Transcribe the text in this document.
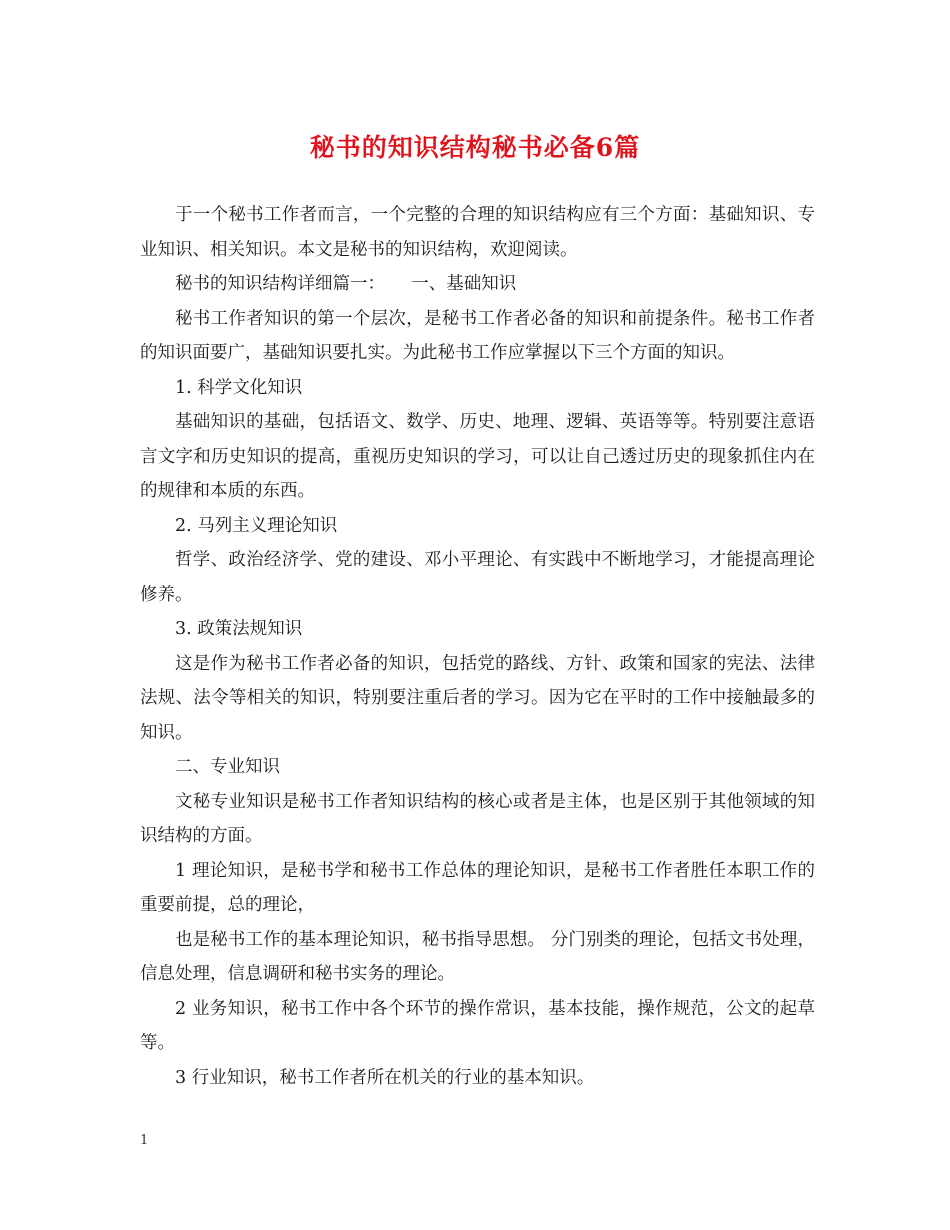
秘书的知识结构秘书必备6篇

于一个秘书工作者而言，一个完整的合理的知识结构应有三个方面：基础知识、专业知识、相关知识。本文是秘书的知识结构，欢迎阅读。

秘书的知识结构详细篇一：　　一、基础知识

秘书工作者知识的第一个层次，是秘书工作者必备的知识和前提条件。秘书工作者的知识面要广，基础知识要扎实。为此秘书工作应掌握以下三个方面的知识。

1. 科学文化知识

基础知识的基础，包括语文、数学、历史、地理、逻辑、英语等等。特别要注意语言文字和历史知识的提高，重视历史知识的学习，可以让自己透过历史的现象抓住内在的规律和本质的东西。

2. 马列主义理论知识

哲学、政治经济学、党的建设、邓小平理论、有实践中不断地学习，才能提高理论修养。

3. 政策法规知识

这是作为秘书工作者必备的知识，包括党的路线、方针、政策和国家的宪法、法律法规、法令等相关的知识，特别要注重后者的学习。因为它在平时的工作中接触最多的知识。

二、专业知识

文秘专业知识是秘书工作者知识结构的核心或者是主体，也是区别于其他领域的知识结构的方面。

1 理论知识，是秘书学和秘书工作总体的理论知识，是秘书工作者胜任本职工作的重要前提，总的理论，

也是秘书工作的基本理论知识，秘书指导思想。 分门别类的理论，包括文书处理，信息处理，信息调研和秘书实务的理论。

2 业务知识，秘书工作中各个环节的操作常识，基本技能，操作规范，公文的起草等。

3 行业知识，秘书工作者所在机关的行业的基本知识。

1
